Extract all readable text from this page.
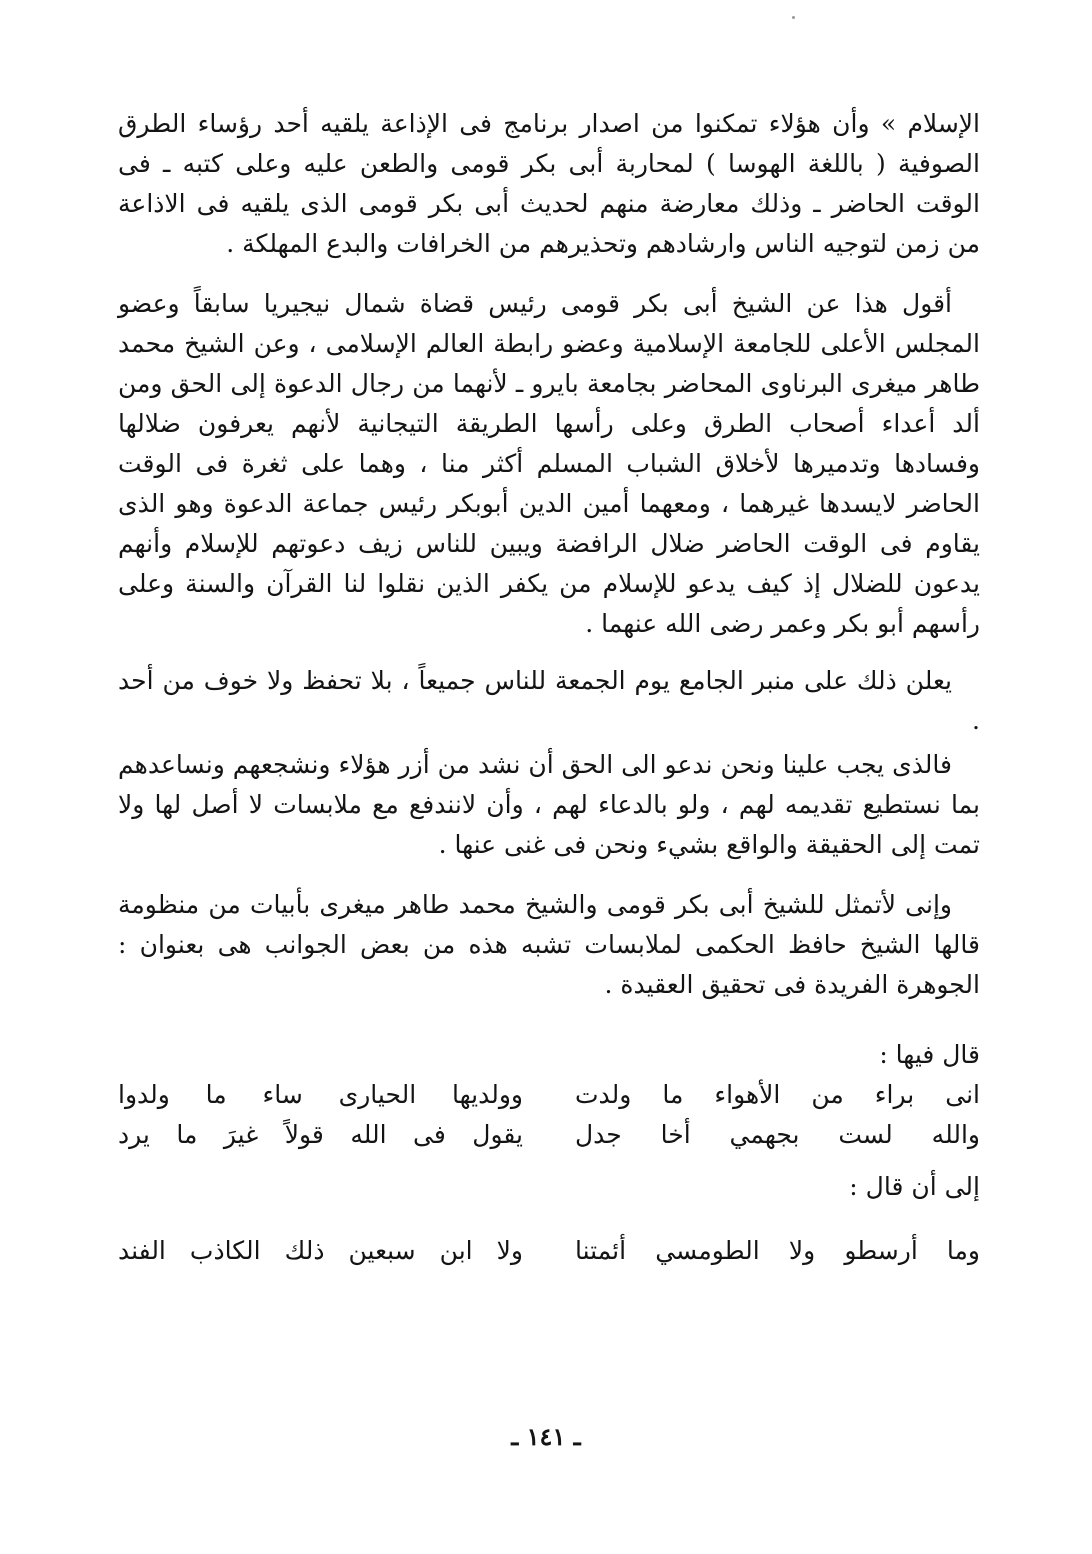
الإسلام » وأن هؤلاء تمكنوا من اصدار برنامج فى الإذاعة يلقيه أحد رؤساء الطرق الصوفية ( باللغة الهوسا ) لمحاربة أبى بكر قومى والطعن عليه وعلى كتبه ـ فى الوقت الحاضر ـ وذلك معارضة منهم لحديث أبى بكر قومى الذى يلقيه فى الاذاعة من زمن لتوجيه الناس وارشادهم وتحذيرهم من الخرافات والبدع المهلكة .

أقول هذا عن الشيخ أبى بكر قومى رئيس قضاة شمال نيجيريا سابقاً وعضو المجلس الأعلى للجامعة الإسلامية وعضو رابطة العالم الإسلامى ، وعن الشيخ محمد طاهر ميغرى البرناوى المحاضر بجامعة بايرو ـ لأنهما من رجال الدعوة إلى الحق ومن ألد أعداء أصحاب الطرق وعلى رأسها الطريقة التيجانية لأنهم يعرفون ضلالها وفسادها وتدميرها لأخلاق الشباب المسلم أكثر منا ، وهما على ثغرة فى الوقت الحاضر لايسدها غيرهما ، ومعهما أمين الدين أبوبكر رئيس جماعة الدعوة وهو الذى يقاوم فى الوقت الحاضر ضلال الرافضة ويبين للناس زيف دعوتهم للإسلام وأنهم يدعون للضلال إذ كيف يدعو للإسلام من يكفر الذين نقلوا لنا القرآن والسنة وعلى رأسهم أبو بكر وعمر رضى الله عنهما .

يعلن ذلك على منبر الجامع يوم الجمعة للناس جميعاً ، بلا تحفظ ولا خوف من أحد .

فالذى يجب علينا ونحن ندعو الى الحق أن نشد من أزر هؤلاء ونشجعهم ونساعدهم بما نستطيع تقديمه لهم ، ولو بالدعاء لهم ، وأن لانندفع مع ملابسات لا أصل لها ولا تمت إلى الحقيقة والواقع بشيء ونحن فى غنى عنها .

وإنى لأتمثل للشيخ أبى بكر قومى والشيخ محمد طاهر ميغرى بأبيات من منظومة قالها الشيخ حافظ الحكمى لملابسات تشبه هذه من بعض الجوانب هى بعنوان : الجوهرة الفريدة فى تحقيق العقيدة .

قال فيها :

انى براء من الأهواء ما ولدت
وولديها الحيارى ساء ما ولدوا
والله لست بجهمي أخا جدل
يقول فى الله قولاً غيرَ ما يرد

إلى أن قال :

وما أرسطو ولا الطومسي أئمتنا
ولا ابن سبعين ذلك الكاذب الفند
ـ ١٤١ ـ
